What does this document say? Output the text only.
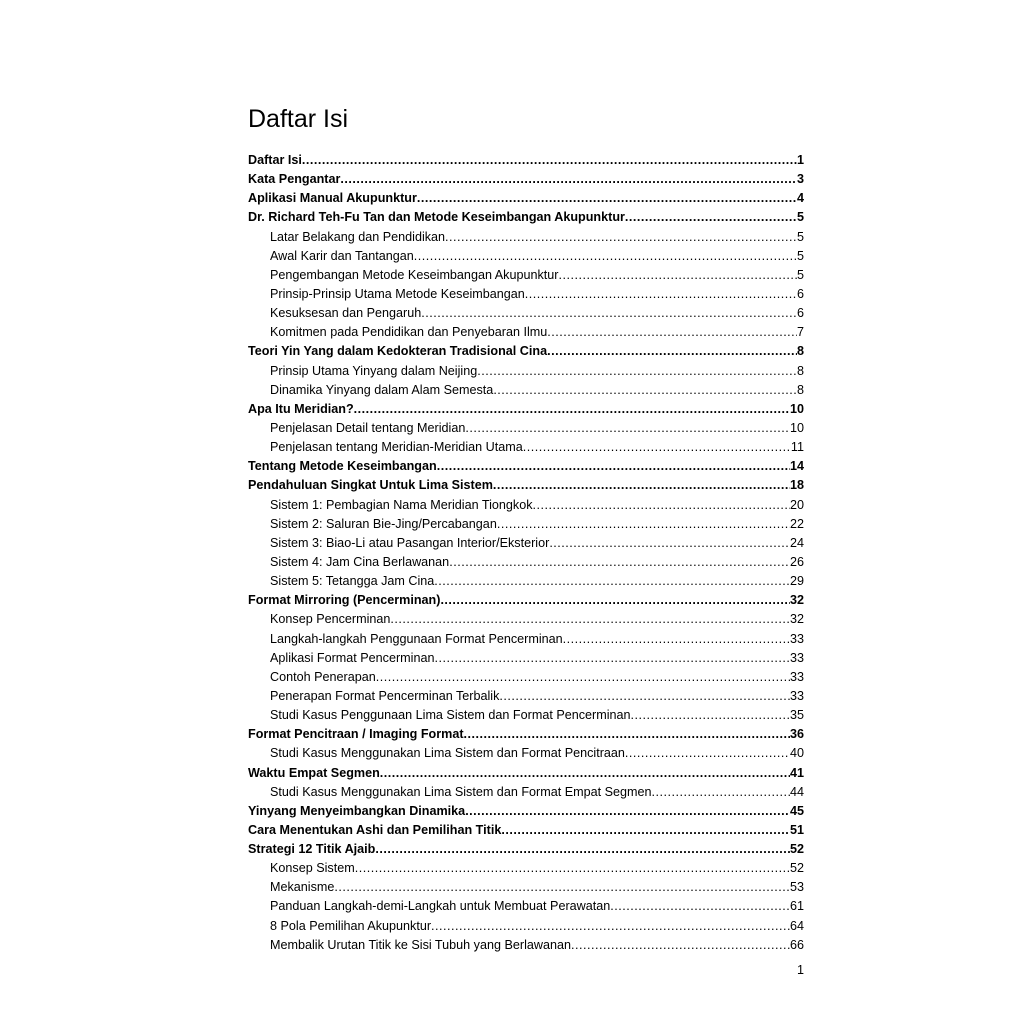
Daftar Isi
Daftar Isi .....	1
Kata Pengantar .....	3
Aplikasi Manual Akupunktur .....	4
Dr. Richard Teh-Fu Tan dan Metode Keseimbangan Akupunktur .....	5
Latar Belakang dan Pendidikan .....	5
Awal Karir dan Tantangan .....	5
Pengembangan Metode Keseimbangan Akupunktur .....	5
Prinsip-Prinsip Utama Metode Keseimbangan .....	6
Kesuksesan dan Pengaruh .....	6
Komitmen pada Pendidikan dan Penyebaran Ilmu .....	7
Teori Yin Yang dalam Kedokteran Tradisional Cina .....	8
Prinsip Utama Yinyang dalam Neijing .....	8
Dinamika Yinyang dalam Alam Semesta .....	8
Apa Itu Meridian? .....	10
Penjelasan Detail tentang Meridian .....	10
Penjelasan tentang Meridian-Meridian Utama .....	11
Tentang Metode Keseimbangan .....	14
Pendahuluan Singkat Untuk Lima Sistem .....	18
Sistem 1: Pembagian Nama Meridian Tiongkok .....	20
Sistem 2: Saluran Bie-Jing/Percabangan .....	22
Sistem 3: Biao-Li atau Pasangan Interior/Eksterior .....	24
Sistem 4: Jam Cina Berlawanan .....	26
Sistem 5: Tetangga Jam Cina .....	29
Format Mirroring (Pencerminan) .....	32
Konsep Pencerminan .....	32
Langkah-langkah Penggunaan Format Pencerminan .....	33
Aplikasi Format Pencerminan .....	33
Contoh Penerapan .....	33
Penerapan Format Pencerminan Terbalik .....	33
Studi Kasus Penggunaan Lima Sistem dan Format Pencerminan .....	35
Format Pencitraan / Imaging Format .....	36
Studi Kasus Menggunakan Lima Sistem dan Format Pencitraan .....	40
Waktu Empat Segmen .....	41
Studi Kasus Menggunakan Lima Sistem dan Format Empat Segmen .....	44
Yinyang Menyeimbangkan Dinamika .....	45
Cara Menentukan Ashi dan Pemilihan Titik .....	51
Strategi 12 Titik Ajaib .....	52
Konsep Sistem .....	52
Mekanisme .....	53
Panduan Langkah-demi-Langkah untuk Membuat Perawatan .....	61
8 Pola Pemilihan Akupunktur .....	64
Membalik Urutan Titik ke Sisi Tubuh yang Berlawanan .....	66
1
